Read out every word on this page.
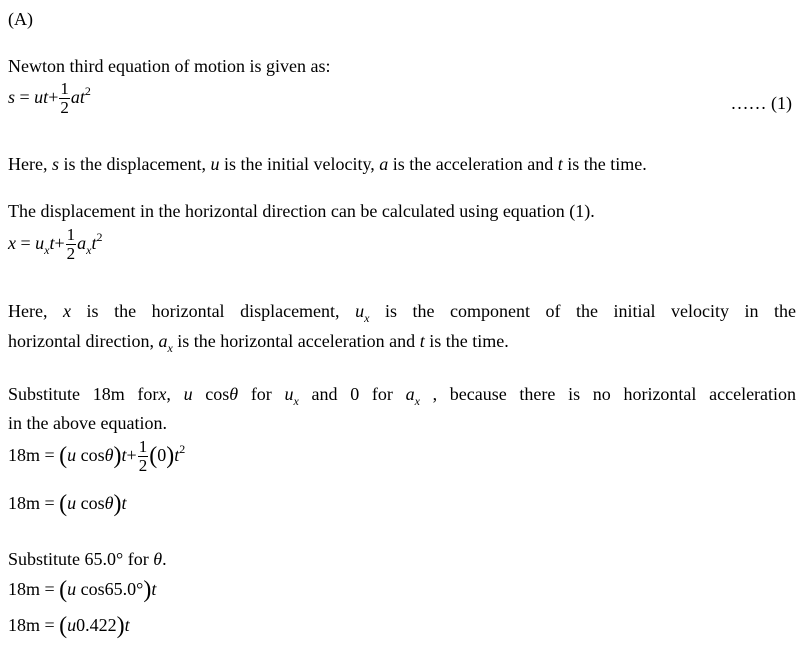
(A)
Newton third equation of motion is given as:
$s = ut+ \frac{1}{2} at^2$
…… (1)
Here, s is the displacement, u is the initial velocity, a is the acceleration and t is the time.
The displacement in the horizontal direction can be calculated using equation (1).
$x = u_xt+ \frac{1}{2} a_xt^2$
Here, x is the horizontal displacement, $u_x$ is the component of the initial velocity in the
horizontal direction, $a_x$ is the horizontal acceleration and t is the time.
Substitute 18m forx, u cosθ for $u_x$ and 0 for $a_x$ , because there is no horizontal acceleration
in the above equation.
18m = (u $\cos\theta)t+ \frac{1}{2} (0)t^2$
18m = (u cosθ)t
Substitute 65.0° for θ.
18m = (u cos65.0°)t
18m = (u0.422)t
